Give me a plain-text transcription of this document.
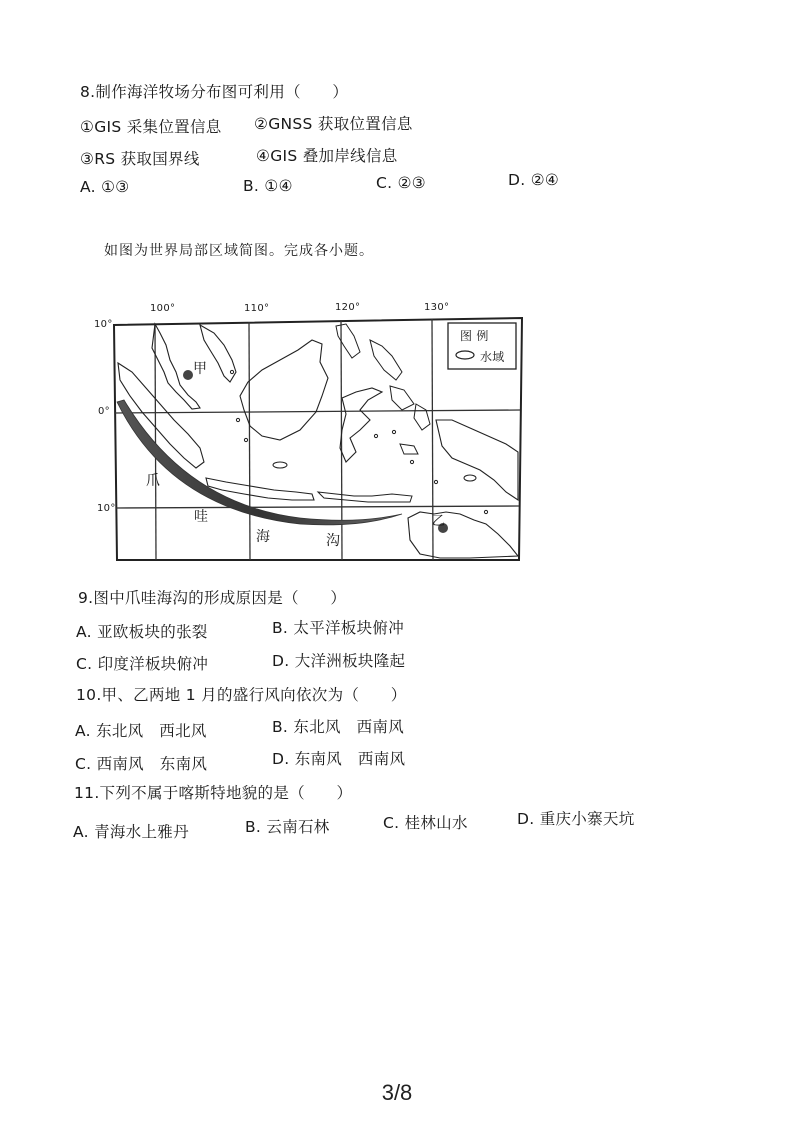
8.制作海洋牧场分布图可利用（　　）
①GIS 采集位置信息 ②GNSS 获取位置信息
③RS 获取国界线	④GIS 叠加岸线信息
A. ①③	B. ①④	C. ②③	D. ②④
如图为世界局部区域简图。完成各小题。
100°	110°	120°	130°
10°
0°
10°
图 例
水域
甲
乙
爪
哇
海	沟
9.图中爪哇海沟的形成原因是（　　）
A. 亚欧板块的张裂	B. 太平洋板块俯冲
C. 印度洋板块俯冲	D. 大洋洲板块隆起
10.甲、乙两地 1 月的盛行风向依次为（　　）
A. 东北风　西北风	B. 东北风　西南风
C. 西南风　东南风	D. 东南风　西南风
11.下列不属于喀斯特地貌的是（　　）
A. 青海水上雅丹	B. 云南石林	C. 桂林山水	D. 重庆小寨天坑
3/8
